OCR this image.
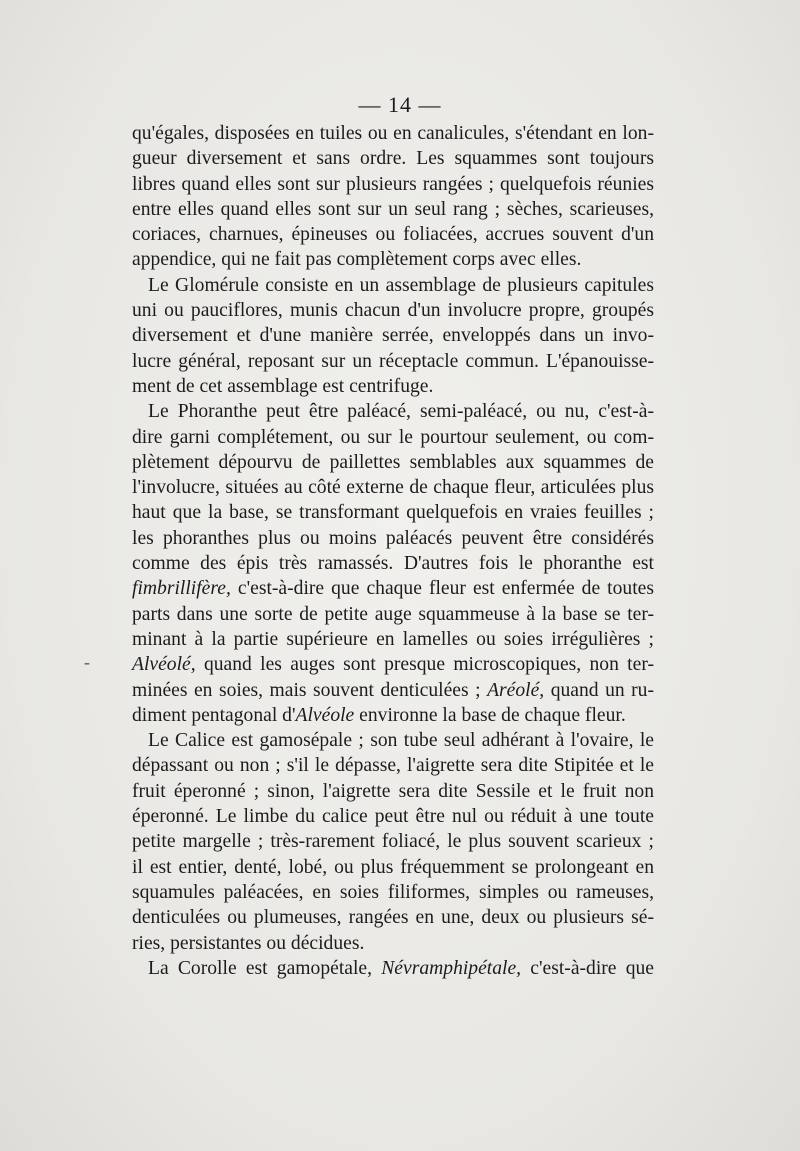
— 14 —
-
qu'égales, disposées en tuiles ou en canalicules, s'étendant en lon-
gueur diversement et sans ordre. Les squammes sont toujours
libres quand elles sont sur plusieurs rangées ; quelquefois réunies
entre elles quand elles sont sur un seul rang ; sèches, scarieuses,
coriaces, charnues, épineuses ou foliacées, accrues souvent d'un
appendice, qui ne fait pas complètement corps avec elles.
Le Glomérule consiste en un assemblage de plusieurs capitules
uni ou pauciflores, munis chacun d'un involucre propre, groupés
diversement et d'une manière serrée, enveloppés dans un invo-
lucre général, reposant sur un réceptacle commun. L'épanouisse-
ment de cet assemblage est centrifuge.
Le Phoranthe peut être paléacé, semi-paléacé, ou nu, c'est-à-
dire garni complétement, ou sur le pourtour seulement, ou com-
plètement dépourvu de paillettes semblables aux squammes de
l'involucre, situées au côté externe de chaque fleur, articulées plus
haut que la base, se transformant quelquefois en vraies feuilles ;
les phoranthes plus ou moins paléacés peuvent être considérés
comme des épis très ramassés. D'autres fois le phoranthe est
fimbrillifère, c'est-à-dire que chaque fleur est enfermée de toutes
parts dans une sorte de petite auge squammeuse à la base se ter-
minant à la partie supérieure en lamelles ou soies irrégulières ;
Alvéolé, quand les auges sont presque microscopiques, non ter-
minées en soies, mais souvent denticulées ; Aréolé, quand un ru-
diment pentagonal d'Alvéole environne la base de chaque fleur.
Le Calice est gamosépale ; son tube seul adhérant à l'ovaire, le
dépassant ou non ; s'il le dépasse, l'aigrette sera dite Stipitée et le
fruit éperonné ; sinon, l'aigrette sera dite Sessile et le fruit non
éperonné. Le limbe du calice peut être nul ou réduit à une toute
petite margelle ; très-rarement foliacé, le plus souvent scarieux ;
il est entier, denté, lobé, ou plus fréquemment se prolongeant en
squamules paléacées, en soies filiformes, simples ou rameuses,
denticulées ou plumeuses, rangées en une, deux ou plusieurs sé-
ries, persistantes ou décidues.
La Corolle est gamopétale, Névramphipétale, c'est-à-dire que
